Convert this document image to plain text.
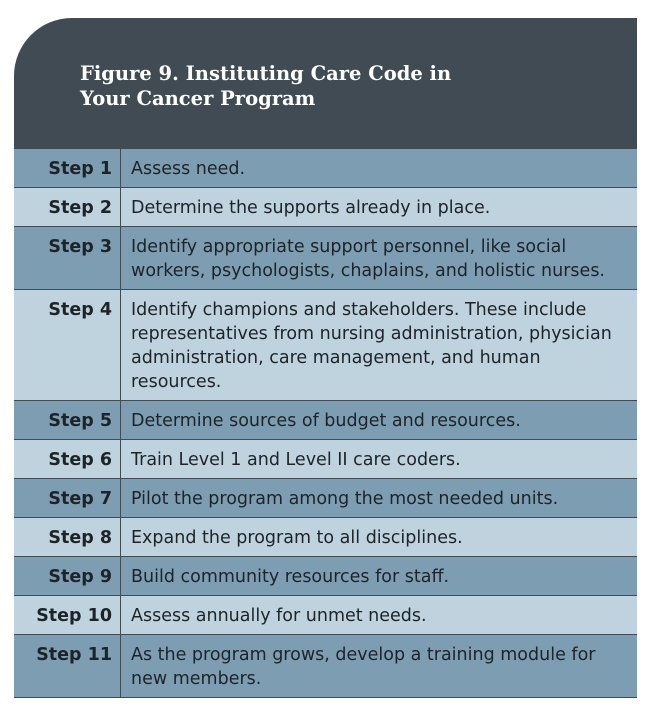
Figure 9. Instituting Care Code in
Your Cancer Program
Step 1	Assess need.
Step 2	Determine the supports already in place.
Step 3	Identify appropriate support personnel, like social workers, psychologists, chaplains, and holistic nurses.
Step 4	Identify champions and stakeholders. These include representatives from nursing administration, physician administration, care management, and human resources.
Step 5	Determine sources of budget and resources.
Step 6	Train Level 1 and Level II care coders.
Step 7	Pilot the program among the most needed units.
Step 8	Expand the program to all disciplines.
Step 9	Build community resources for staff.
Step 10	Assess annually for unmet needs.
Step 11	As the program grows, develop a training module for new members.
